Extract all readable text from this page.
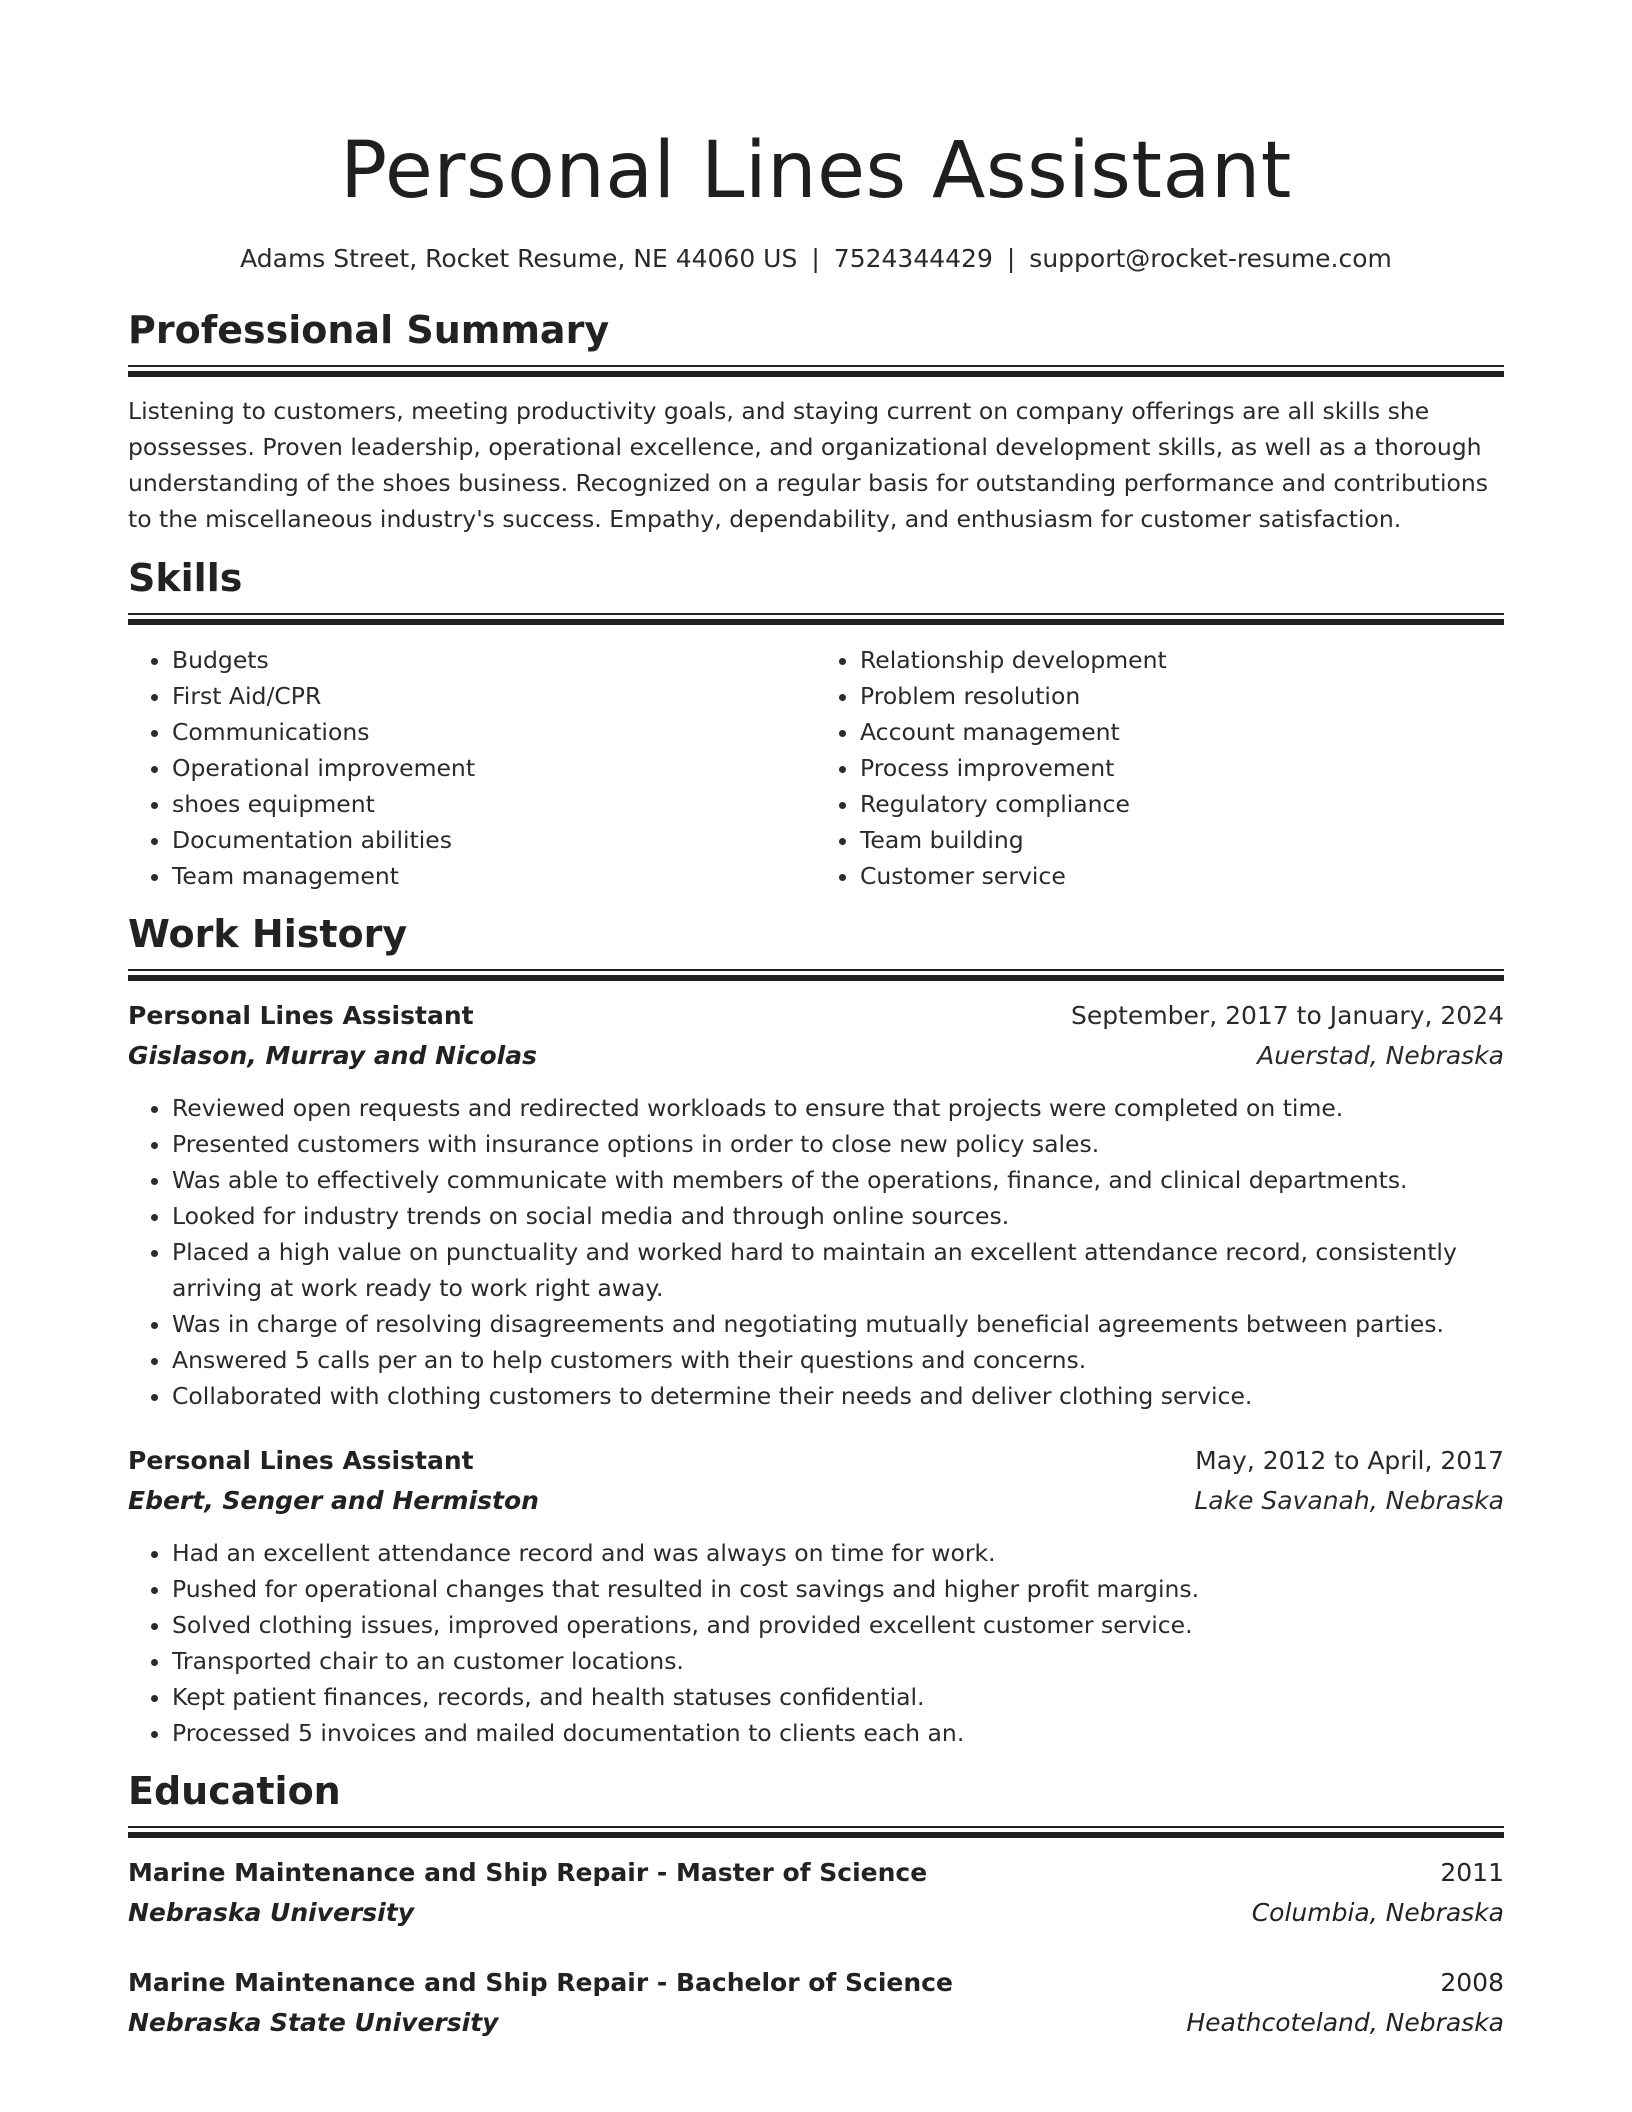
Personal Lines Assistant
Adams Street, Rocket Resume, NE 44060 US | 7524344429 | support@rocket-resume.com
Professional Summary

Listening to customers, meeting productivity goals, and staying current on company offerings are all skills she possesses. Proven leadership, operational excellence, and organizational development skills, as well as a thorough understanding of the shoes business. Recognized on a regular basis for outstanding performance and contributions to the miscellaneous industry's success. Empathy, dependability, and enthusiasm for customer satisfaction.

Skills
• Budgets
• First Aid/CPR
• Communications
• Operational improvement
• shoes equipment
• Documentation abilities
• Team management
• Relationship development
• Problem resolution
• Account management
• Process improvement
• Regulatory compliance
• Team building
• Customer service
Work History
Personal Lines Assistant	September, 2017 to January, 2024
Gislason, Murray and Nicolas	Auerstad, Nebraska
• Reviewed open requests and redirected workloads to ensure that projects were completed on time.
• Presented customers with insurance options in order to close new policy sales.
• Was able to effectively communicate with members of the operations, finance, and clinical departments.
• Looked for industry trends on social media and through online sources.
• Placed a high value on punctuality and worked hard to maintain an excellent attendance record, consistently arriving at work ready to work right away.
• Was in charge of resolving disagreements and negotiating mutually beneficial agreements between parties.
• Answered 5 calls per an to help customers with their questions and concerns.
• Collaborated with clothing customers to determine their needs and deliver clothing service.
Personal Lines Assistant	May, 2012 to April, 2017
Ebert, Senger and Hermiston	Lake Savanah, Nebraska
• Had an excellent attendance record and was always on time for work.
• Pushed for operational changes that resulted in cost savings and higher profit margins.
• Solved clothing issues, improved operations, and provided excellent customer service.
• Transported chair to an customer locations.
• Kept patient finances, records, and health statuses confidential.
• Processed 5 invoices and mailed documentation to clients each an.
Education
Marine Maintenance and Ship Repair - Master of Science	2011
Nebraska University	Columbia, Nebraska
Marine Maintenance and Ship Repair - Bachelor of Science	2008
Nebraska State University	Heathcoteland, Nebraska
